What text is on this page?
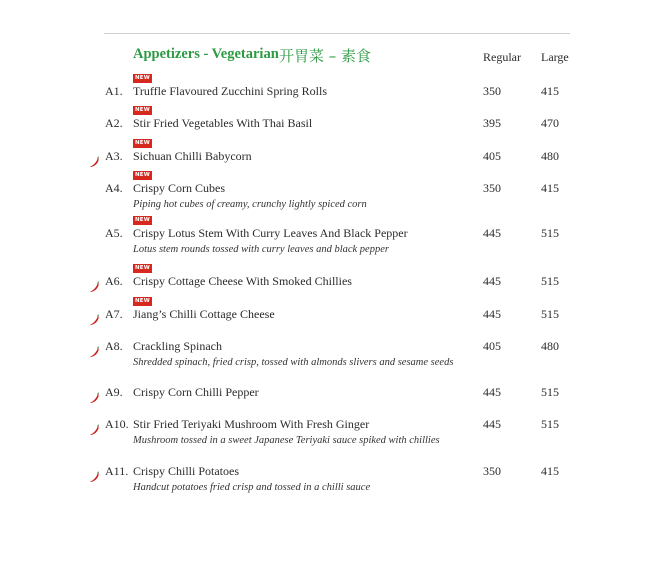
Appetizers - Vegetarian 开胃菜 – 素食	Regular Large
NEW
A1. Truffle Flavoured Zucchini Spring Rolls	350	415
NEW
A2. Stir Fried Vegetables With Thai Basil	395	470
NEW
A3. Sichuan Chilli Babycorn	405	480
NEW
A4. Crispy Corn Cubes
Piping hot cubes of creamy, crunchy lightly spiced corn
350	415
NEW
A5. Crispy Lotus Stem With Curry Leaves And Black Pepper
Lotus stem rounds tossed with curry leaves and black pepper
445	515
NEW
A6. Crispy Cottage Cheese With Smoked Chillies	445	515
NEW
A7. Jiang’s Chilli Cottage Cheese	445	515
A8. Crackling Spinach
Shredded spinach, fried crisp, tossed with almonds slivers and sesame seeds
405	480
A9. Crispy Corn Chilli Pepper	445	515
A10. Stir Fried Teriyaki Mushroom With Fresh Ginger
Mushroom tossed in a sweet Japanese Teriyaki sauce spiked with chillies
445	515
A11. Crispy Chilli Potatoes
Handcut potatoes fried crisp and tossed in a chilli sauce
350	415
